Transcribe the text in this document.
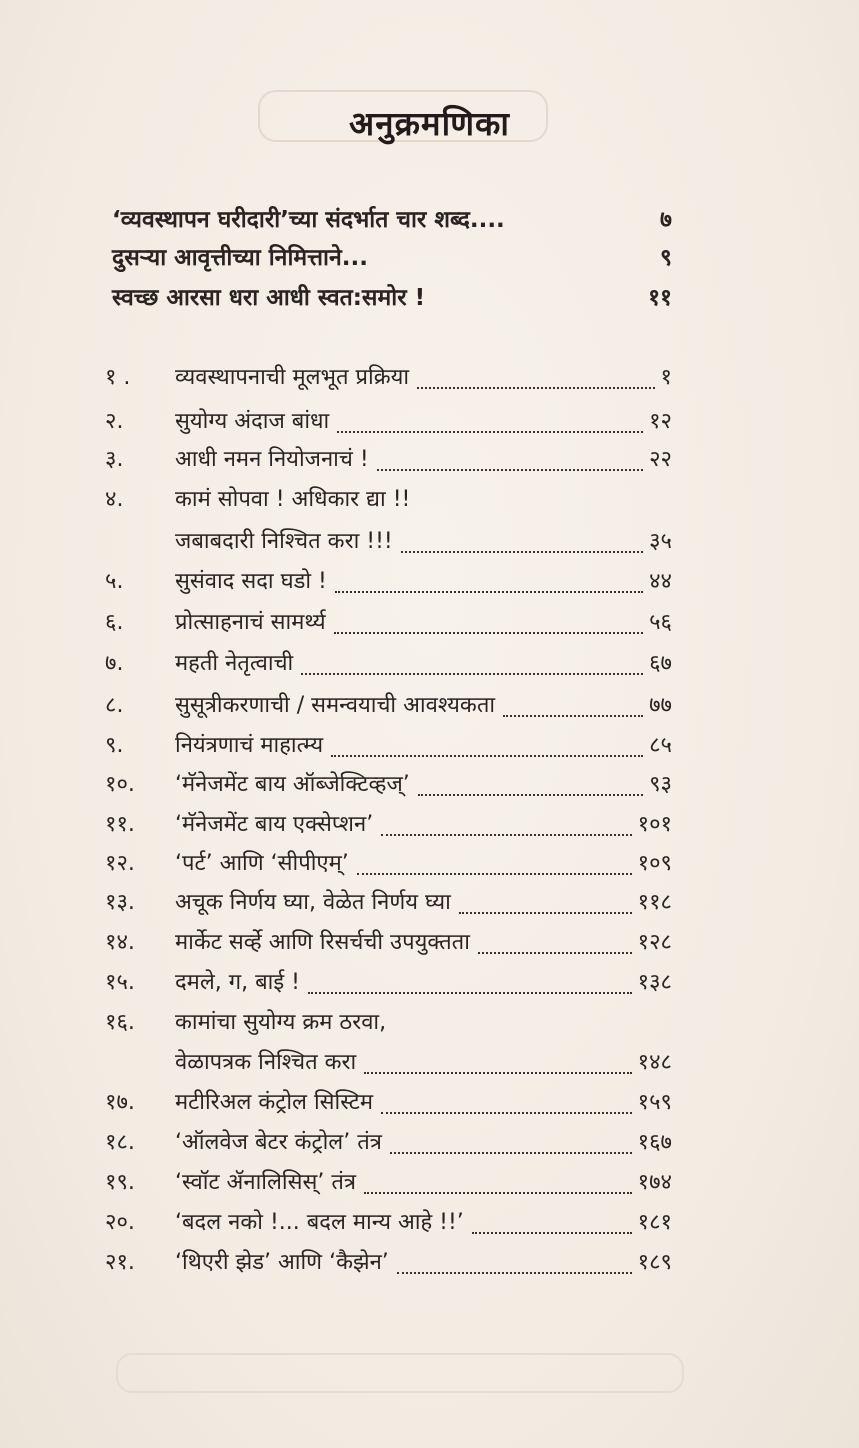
अनुक्रमणिका
‘व्यवस्थापन घरीदारी’च्या संदर्भात चार शब्द....	७
दुसऱ्या आवृत्तीच्या निमित्ताने...	९
स्वच्छ आरसा धरा आधी स्वत:समोर !	११
१ .	व्यवस्थापनाची मूलभूत प्रक्रिया	१
२.	सुयोग्य अंदाज बांधा	१२
३.	आधी नमन नियोजनाचं !	२२
४.	कामं सोपवा ! अधिकार द्या !!
जबाबदारी निश्चित करा !!!	३५
५.	सुसंवाद सदा घडो !	४४
६.	प्रोत्साहनाचं सामर्थ्य	५६
७.	महती नेतृत्वाची	६७
८.	सुसूत्रीकरणाची / समन्वयाची आवश्यकता	७७
९.	नियंत्रणाचं माहात्म्य	८५
१०.	‘मॅनेजमेंट बाय ऑब्जेक्टिव्हज्’	९३
११.	‘मॅनेजमेंट बाय एक्सेप्शन’	१०१
१२.	‘पर्ट’ आणि ‘सीपीएम्’	१०९
१३.	अचूक निर्णय घ्या, वेळेत निर्णय घ्या	११८
१४.	मार्केट सर्व्हे आणि रिसर्चची उपयुक्तता	१२८
१५.	दमले, ग, बाई !	१३८
१६.	कामांचा सुयोग्य क्रम ठरवा,
वेळापत्रक निश्चित करा	१४८
१७.	मटीरिअल कंट्रोल सिस्टिम	१५९
१८.	‘ऑलवेज बेटर कंट्रोल’ तंत्र	१६७
१९.	‘स्वॉट ॲनालिसिस्’ तंत्र	१७४
२०.	‘बदल नको !... बदल मान्य आहे !!’	१८१
२१.	‘थिएरी झेड’ आणि ‘कैझेन’	१८९
